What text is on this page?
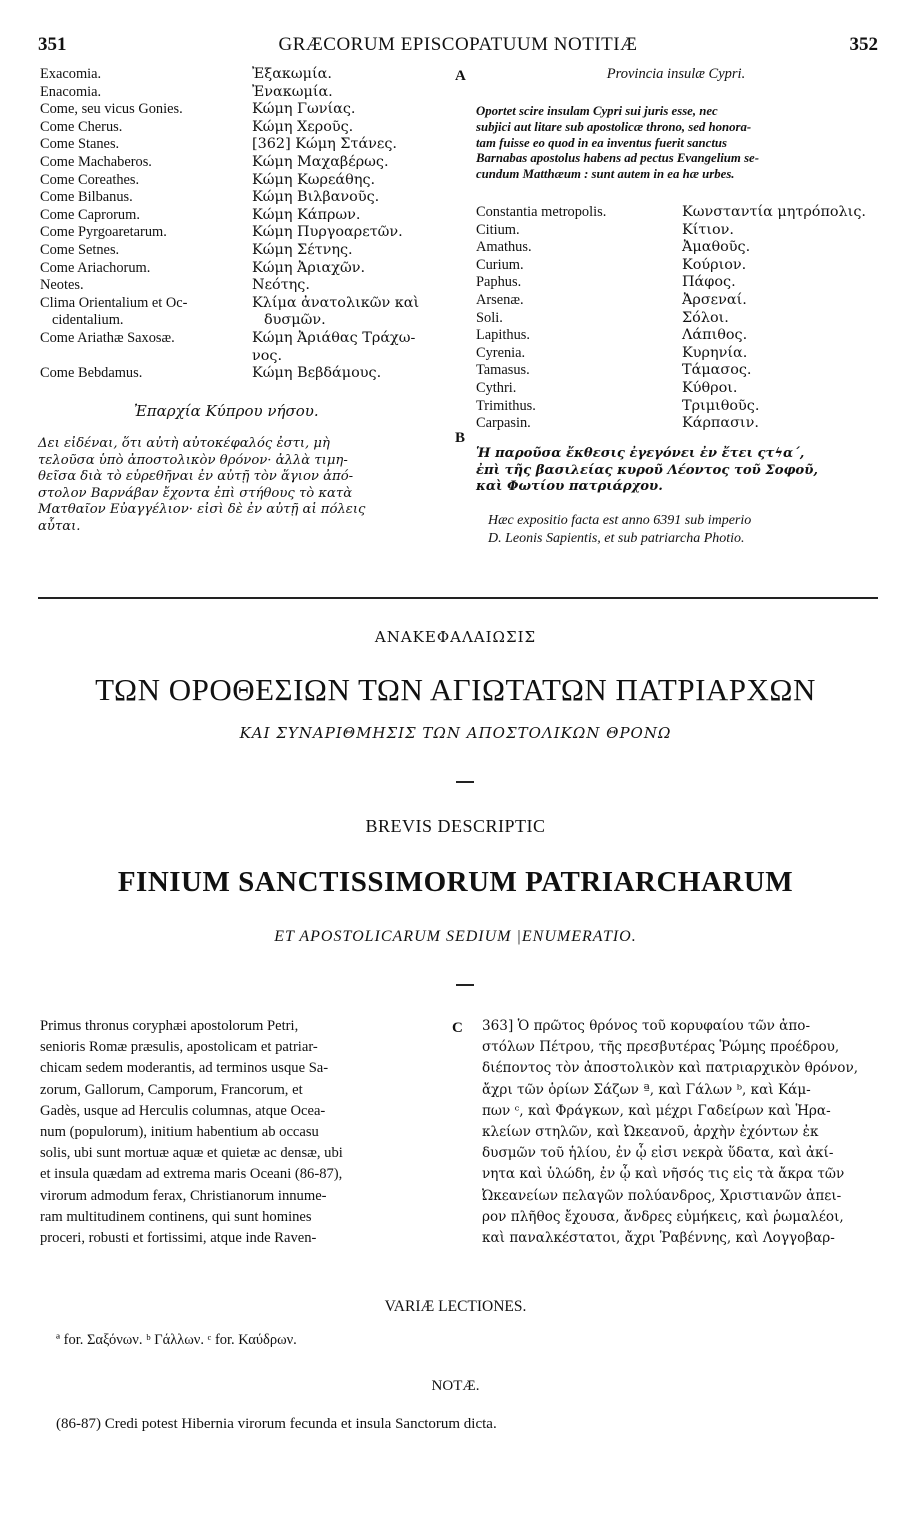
351	GRÆCORUM EPISCOPATUUM NOTITIÆ	352
Exacomia.	Ἐξακωμία.
Enacomia.	Ἐνακωμία.
Come, seu vicus Gonies.	Κώμη Γωνίας.
Come Cherus.	Κώμη Χεροῦς.
Come Stanes.	[362] Κώμη Στάνες.
Come Machaberos.	Κώμη Μαχαβέρως.
Come Coreathes.	Κώμη Κωρεάθης.
Come Bilbanus.	Κώμη Βιλβανοῦς.
Come Caprorum.	Κώμη Κάπρων.
Come Pyrgoaretarum.	Κώμη Πυργοαρετῶν.
Come Setnes.	Κώμη Σέτνης.
Come Ariachorum.	Κώμη Ἀριαχῶν.
Neotes.	Νεότης.
Clima Orientalium et Oc-	Κλίμα ἀνατολικῶν καὶ
cidentalium.	δυσμῶν.
Come Ariathæ Saxosæ.	Κώμη Ἀριάθας Τράχω-
νος.
Come Bebdamus.	Κώμη Βεβδάμους.
Ἐπαρχία Κύπρου νήσου.
Δει εἰδέναι, ὅτι αὐτὴ αὐτοκέφαλός ἐστι, μὴ
τελοῦσα ὑπὸ ἀποστολικὸν θρόνον· ἀλλὰ τιμη-
θεῖσα διὰ τὸ εὑρεθῆναι ἐν αὐτῇ τὸν ἅγιον ἀπό-
στολον Βαρνάβαν ἔχοντα ἐπὶ στήθους τὸ κατὰ
Ματθαῖον Εὐαγγέλιον· εἰσὶ δὲ ἐν αὐτῇ αἱ πόλεις
αὗται.
A
B
C
Provincia insulæ Cypri.
Oportet scire insulam Cypri sui juris esse, nec
subjici aut litare sub apostolicæ throno, sed honora-
tam fuisse eo quod in ea inventus fuerit sanctus
Barnabas apostolus habens ad pectus Evangelium se-
cundum Matthæum : sunt autem in ea hæ urbes.
Constantia metropolis.	Κωνσταντία μητρόπολις.
Citium.	Κίτιον.
Amathus.	Ἀμαθοῦς.
Curium.	Κούριον.
Paphus.	Πάφος.
Arsenæ.	Ἀρσεναί.
Soli.	Σόλοι.
Lapithus.	Λάπιθος.
Cyrenia.	Κυρηνία.
Tamasus.	Τάμασος.
Cythri.	Κύθροι.
Trimithus.	Τριμιθοῦς.
Carpasin.	Κάρπασιν.
Ἡ παροῦσα ἔκθεσις ἐγεγόνει ἐν ἔτει ςτϟα΄,
ἐπὶ τῆς βασιλείας κυροῦ Λέοντος τοῦ Σοφοῦ,
καὶ Φωτίου πατριάρχου.
Hæc expositio facta est anno 6391 sub imperio
D. Leonis Sapientis, et sub patriarcha Photio.
ΑΝΑΚΕΦΑΛΑΙΩΣΙΣ
ΤΩΝ ΟΡΟΘΕΣΙΩΝ ΤΩΝ ΑΓΙΩΤΑΤΩΝ ΠΑΤΡΙΑΡΧΩΝ
ΚΑΙ ΣΥΝΑΡΙΘΜΗΣΙΣ ΤΩΝ ΑΠΟΣΤΟΛΙΚΩΝ ΘΡΟΝΩ
BREVIS DESCRIPTIC
FINIUM SANCTISSIMORUM PATRIARCHARUM
ET APOSTOLICARUM SEDIUM |ENUMERATIO.
Primus thronus coryphæi apostolorum Petri,
senioris Romæ præsulis, apostolicam et patriar-
chicam sedem moderantis, ad terminos usque Sa-
zorum, Gallorum, Camporum, Francorum, et
Gadès, usque ad Herculis columnas, atque Ocea-
num (populorum), initium habentium ab occasu
solis, ubi sunt mortuæ aquæ et quietæ ac densæ, ubi
et insula quædam ad extrema maris Oceani (86-87),
virorum admodum ferax, Christianorum innume-
ram multitudinem continens, qui sunt homines
proceri, robusti et fortissimi, atque inde Raven-
363] Ὁ πρῶτος θρόνος τοῦ κορυφαίου τῶν ἀπο-
στόλων Πέτρου, τῆς πρεσβυτέρας Ῥώμης προέδρου,
διέποντος τὸν ἀποστολικὸν καὶ πατριαρχικὸν θρόνον,
ἄχρι τῶν ὁρίων Σάζων ª, καὶ Γάλων ᵇ, καὶ Κάμ-
πων ᶜ, καὶ Φράγκων, καὶ μέχρι Γαδείρων καὶ Ἡρα-
κλείων στηλῶν, καὶ Ὠκεανοῦ, ἀρχὴν ἐχόντων ἐκ
δυσμῶν τοῦ ἡλίου, ἐν ᾧ εἰσι νεκρὰ ὕδατα, καὶ ἀκί-
νητα καὶ ὑλώδη, ἐν ᾧ καὶ νῆσός τις εἰς τὰ ἄκρα τῶν
Ὠκεανείων πελαγῶν πολύανδρος, Χριστιανῶν ἀπει-
ρον πλῆθος ἔχουσα, ἄνδρες εὐμήκεις, καὶ ῥωμαλέοι,
καὶ παναλκέστατοι, ἄχρι Ῥαβέννης, καὶ Λογγοβαρ-
VARIÆ LECTIONES.
ª for. Σαξόνων. ᵇ Γάλλων. ᶜ for. Καύδρων.
NOTÆ.
(86-87) Credi potest Hibernia virorum fecunda et insula Sanctorum dicta.
